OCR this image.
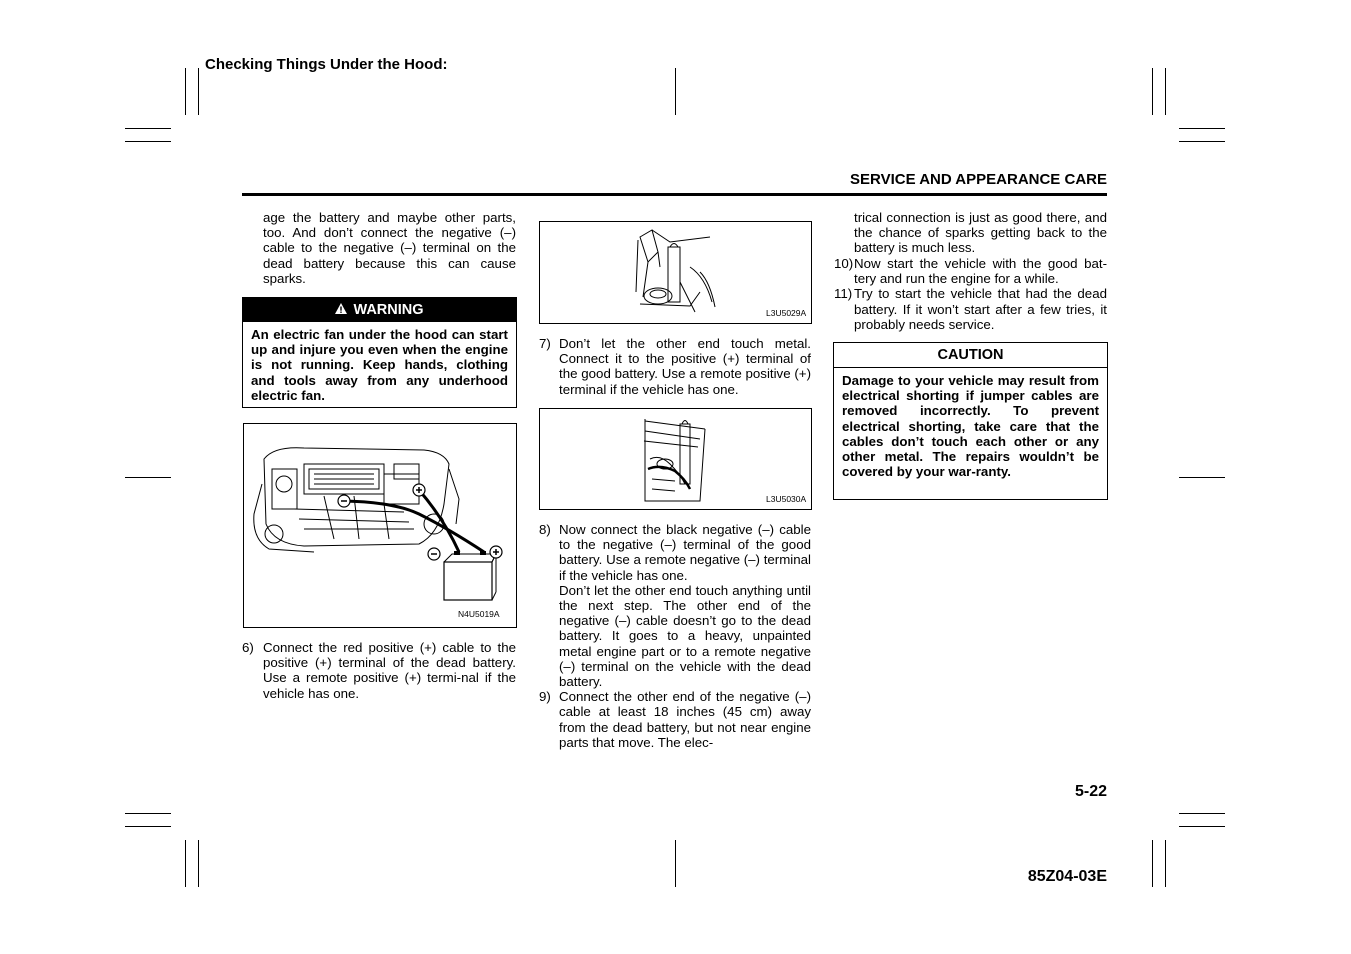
Checking Things Under the Hood:
SERVICE AND APPEARANCE CARE
age the battery and maybe other parts, too. And don’t connect the negative (–) cable to the negative (–) terminal on the dead battery because this can cause sparks.
WARNING
An electric fan under the hood can start up and injure you even when the engine is not running. Keep hands, clothing and tools away from any underhood electric fan.
N4U5019A
6) Connect the red positive (+) cable to the positive (+) terminal of the dead battery. Use a remote positive (+) termi-nal if the vehicle has one.
L3U5029A
7) Don’t let the other end touch metal. Connect it to the positive (+) terminal of the good battery. Use a remote positive (+) terminal if the vehicle has one.
L3U5030A
8) Now connect the black negative (–) cable to the negative (–) terminal of the good battery. Use a remote negative (–) terminal if the vehicle has one.
Don’t let the other end touch anything until the next step. The other end of the negative (–) cable doesn’t go to the dead battery. It goes to a heavy, unpainted metal engine part or to a remote negative (–) terminal on the vehicle with the dead battery.
9) Connect the other end of the negative (–) cable at least 18 inches (45 cm) away from the dead battery, but not near engine parts that move. The elec-
trical connection is just as good there, and the chance of sparks getting back to the battery is much less.
10) Now start the vehicle with the good bat-tery and run the engine for a while.
11) Try to start the vehicle that had the dead battery. If it won’t start after a few tries, it probably needs service.
CAUTION
Damage to your vehicle may result from electrical shorting if jumper cables are removed incorrectly. To prevent electrical shorting, take care that the cables don’t touch each other or any other metal. The repairs wouldn’t be covered by your war-ranty.
5-22
85Z04-03E
